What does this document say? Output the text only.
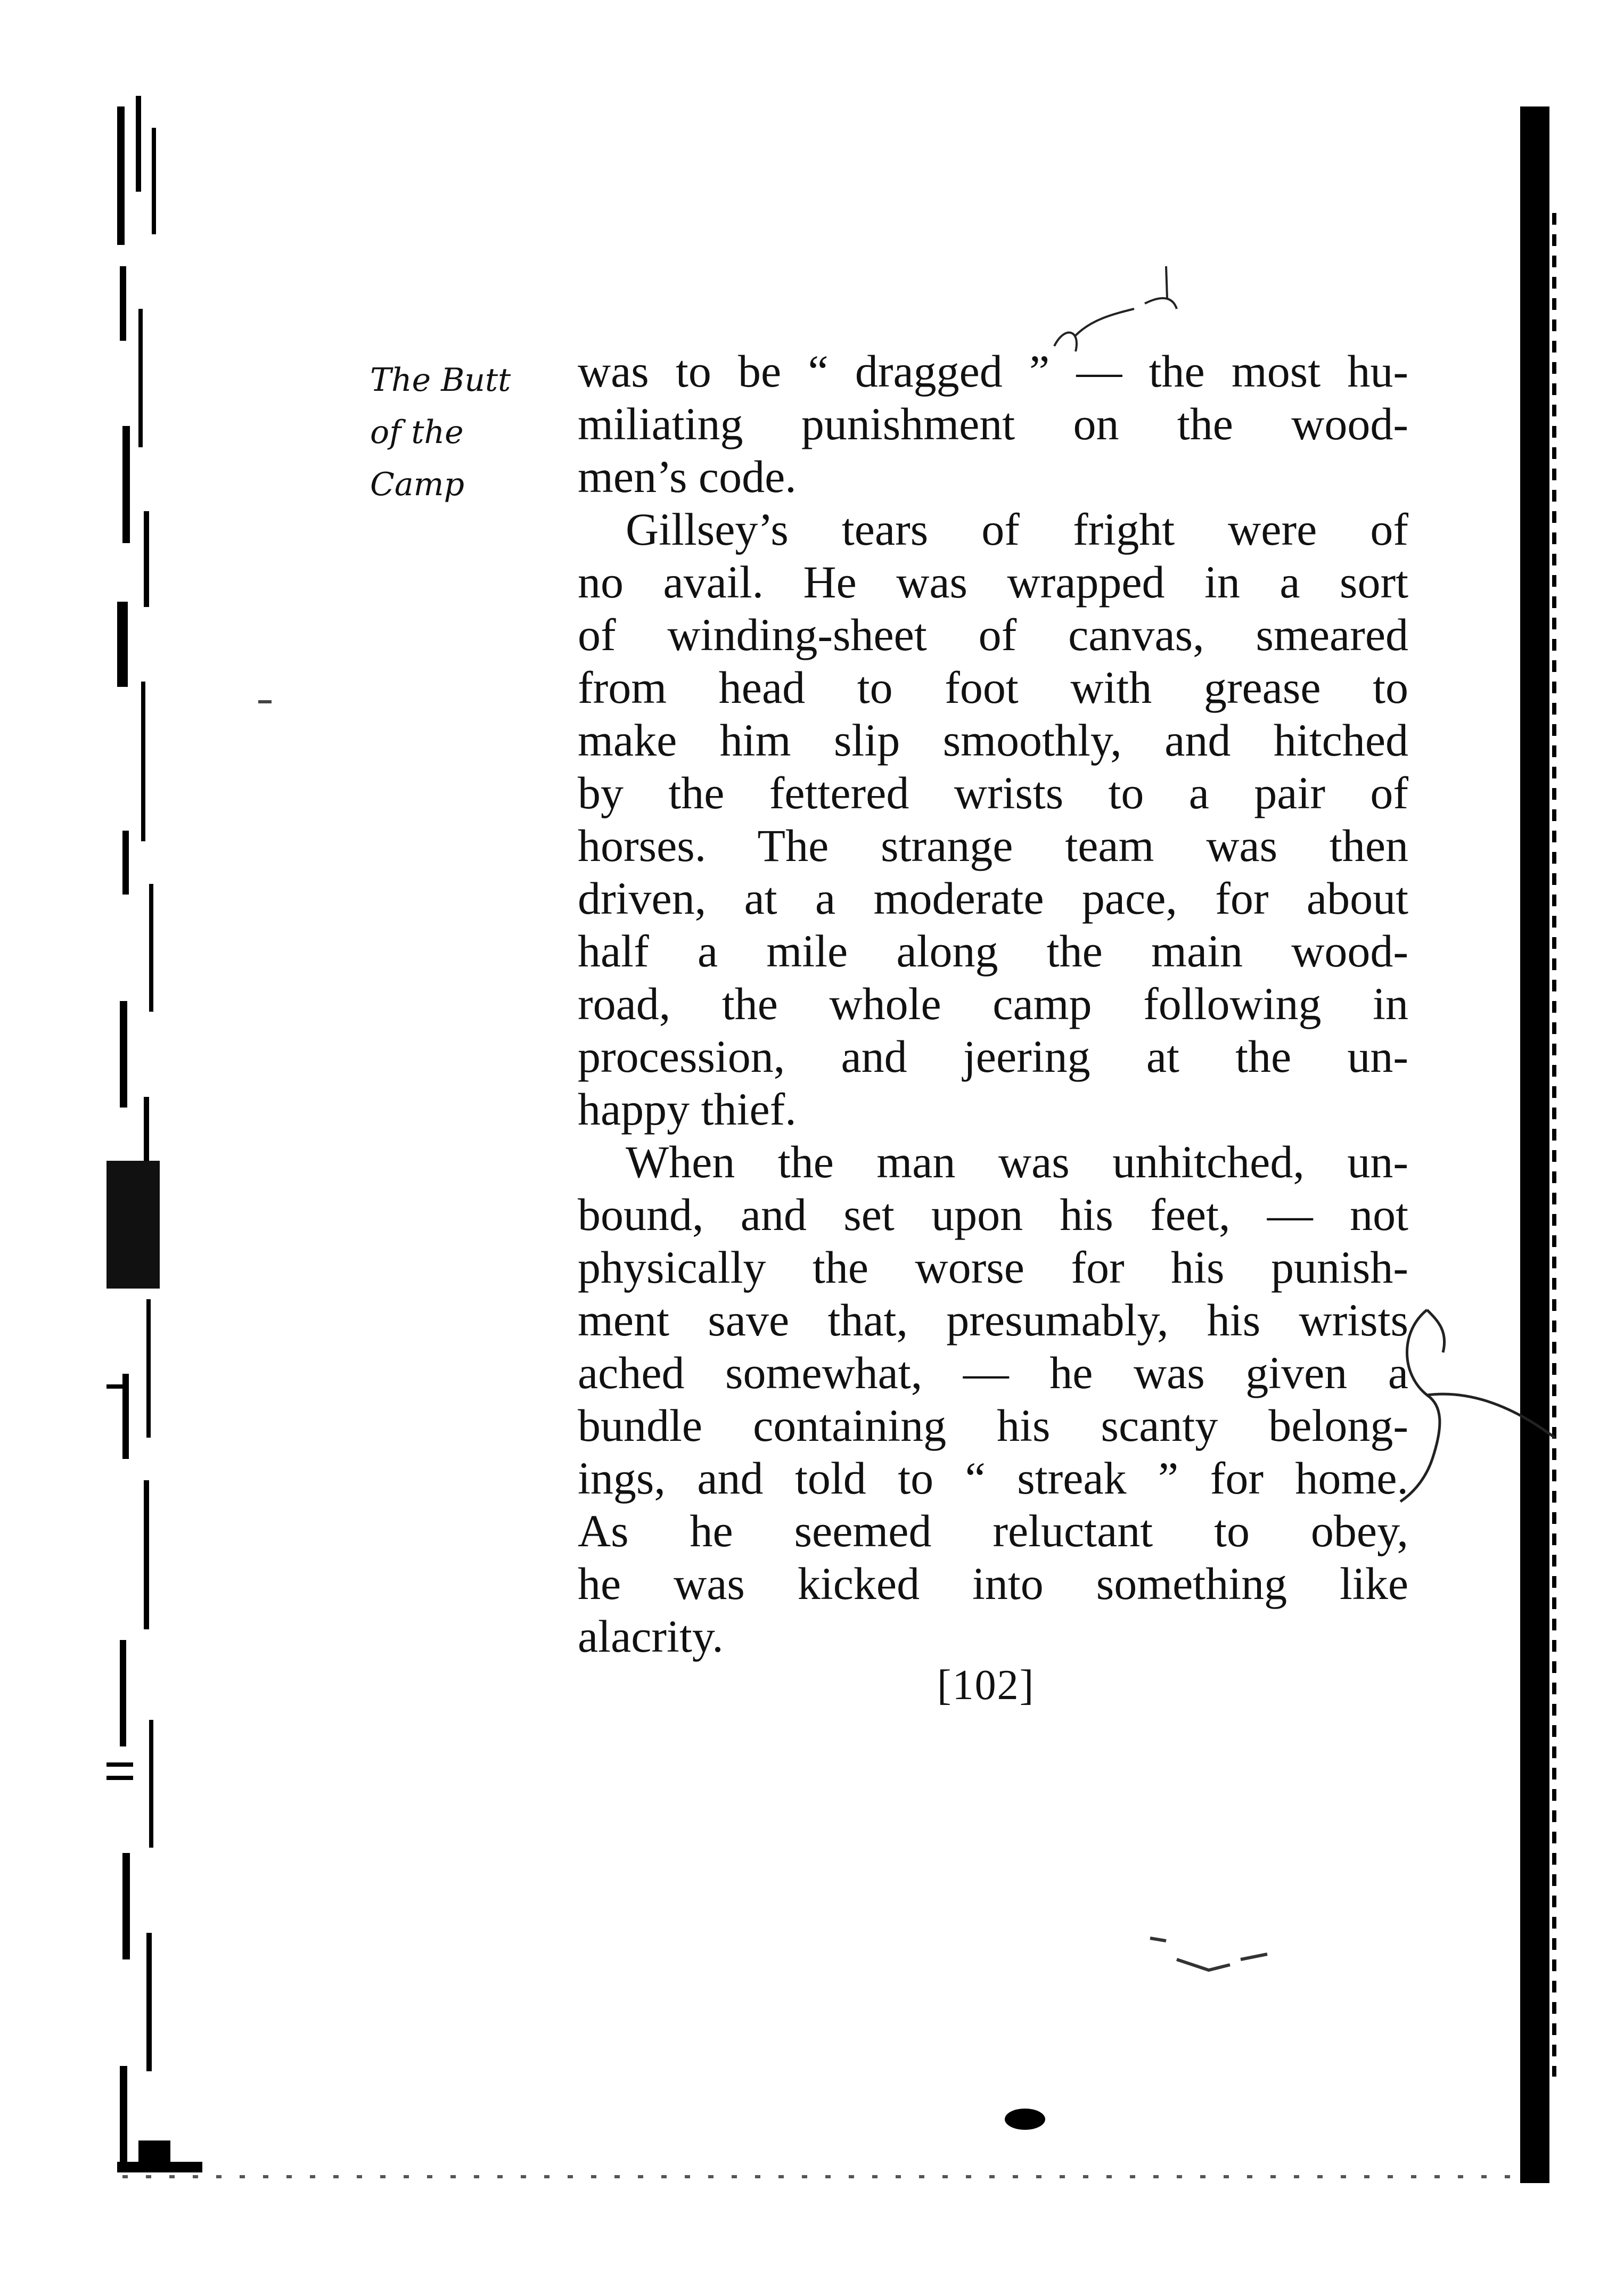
The Butt
of the
Camp
was to be “ dragged ” — the most hu-
miliating punishment on the wood-
men’s code.
Gillsey’s tears of fright were of
no avail. He was wrapped in a sort
of winding-sheet of canvas, smeared
from head to foot with grease to
make him slip smoothly, and hitched
by the fettered wrists to a pair of
horses. The strange team was then
driven, at a moderate pace, for about
half a mile along the main wood-
road, the whole camp following in
procession, and jeering at the un-
happy thief.
When the man was unhitched, un-
bound, and set upon his feet, — not
physically the worse for his punish-
ment save that, presumably, his wrists
ached somewhat, — he was given a
bundle containing his scanty belong-
ings, and told to “ streak ” for home.
As he seemed reluctant to obey,
he was kicked into something like
alacrity.
[102]
